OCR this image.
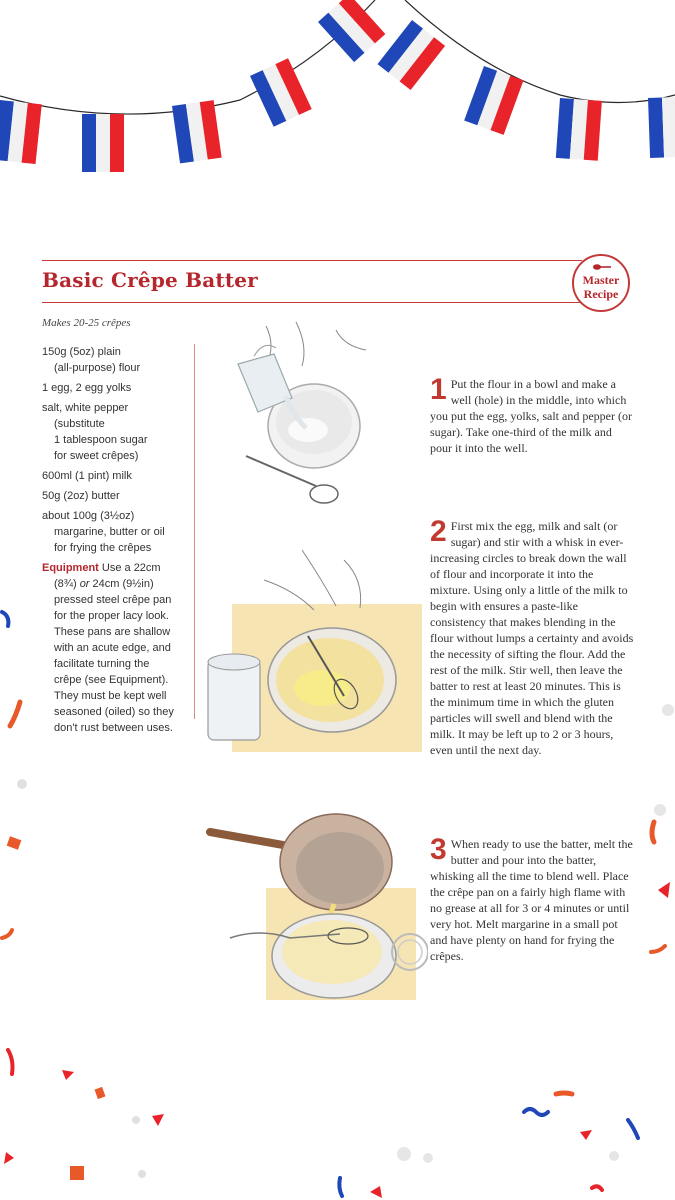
Basic Crêpe Batter	Master
Recipe
Makes 20-25 crêpes

150g (5oz) plain
(all-purpose) flour

1 egg, 2 egg yolks

salt, white pepper
(substitute
1 tablespoon sugar
for sweet crêpes)

600ml (1 pint) milk

50g (2oz) butter

about 100g (3½oz)
margarine, butter or oil
for frying the crêpes

Equipment Use a 22cm
(8¾) or 24cm (9½in)
pressed steel crêpe pan
for the proper lacy look.
These pans are shallow
with an acute edge, and
facilitate turning the
crêpe (see Equipment).
They must be kept well
seasoned (oiled) so they
don't rust between uses.

1 Put the flour in a bowl and make a well (hole) in the middle, into which you put the egg, yolks, salt and pepper (or sugar). Take one-third of the milk and pour it into the well.
2 First mix the egg, milk and salt (or sugar) and stir with a whisk in ever-increasing circles to break down the wall of flour and incorporate it into the mixture. Using only a little of the milk to begin with ensures a paste-like consistency that makes blending in the flour without lumps a certainty and avoids the necessity of sifting the flour. Add the rest of the milk. Stir well, then leave the batter to rest at least 20 minutes. This is the minimum time in which the gluten particles will swell and blend with the milk. It may be left up to 2 or 3 hours, even until the next day.
3 When ready to use the batter, melt the butter and pour into the batter, whisking all the time to blend well. Place the crêpe pan on a fairly high flame with no grease at all for 3 or 4 minutes or until very hot. Melt margarine in a small pot and have plenty on hand for frying the crêpes.
